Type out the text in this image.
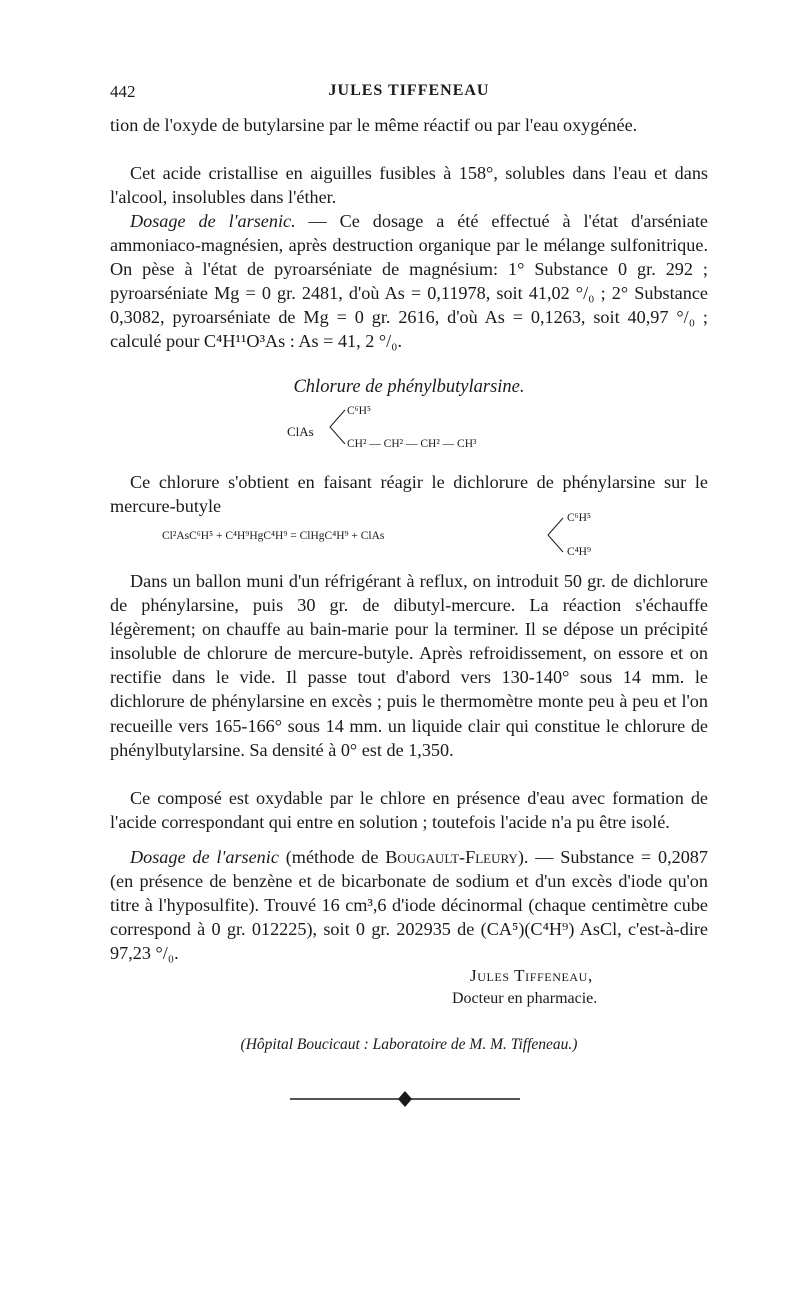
442	JULES TIFFENEAU
tion de l'oxyde de butylarsine par le même réactif ou par l'eau oxygénée.
Cet acide cristallise en aiguilles fusibles à 158°, solubles dans l'eau et dans l'alcool, insolubles dans l'éther.
Dosage de l'arsenic. — Ce dosage a été effectué à l'état d'arséniate ammoniaco-magnésien, après destruction organique par le mélange sulfonitrique. On pèse à l'état de pyroarséniate de magnésium: 1° Substance 0 gr. 292 ; pyroarséniate Mg = 0 gr. 2481, d'où As = 0,11978, soit 41,02 °/₀ ; 2° Substance 0,3082, pyroarséniate de Mg = 0 gr. 2616, d'où As = 0,1263, soit 40,97 °/₀ ; calculé pour C⁴H¹¹O³As : As = 41, 2 °/₀.
Chlorure de phénylbutylarsine.
ClAs
C⁶H⁵
CH² — CH² — CH² — CH³
Ce chlorure s'obtient en faisant réagir le dichlorure de phénylarsine sur le mercure-butyle
Cl²AsC⁶H⁵ + C⁴H⁹HgC⁴H⁹ = ClHgC⁴H⁹ + ClAs
C⁶H⁵
C⁴H⁹
Dans un ballon muni d'un réfrigérant à reflux, on introduit 50 gr. de dichlorure de phénylarsine, puis 30 gr. de dibutyl-mercure. La réaction s'échauffe légèrement; on chauffe au bain-marie pour la terminer. Il se dépose un précipité insoluble de chlorure de mercure-butyle. Après refroidissement, on essore et on rectifie dans le vide. Il passe tout d'abord vers 130-140° sous 14 mm. le dichlorure de phénylarsine en excès ; puis le thermomètre monte peu à peu et l'on recueille vers 165-166° sous 14 mm. un liquide clair qui constitue le chlorure de phénylbutylarsine. Sa densité à 0° est de 1,350.
Ce composé est oxydable par le chlore en présence d'eau avec formation de l'acide correspondant qui entre en solution ; toutefois l'acide n'a pu être isolé.
Dosage de l'arsenic (méthode de Bougault-Fleury). — Substance = 0,2087 (en présence de benzène et de bicarbonate de sodium et d'un excès d'iode qu'on titre à l'hyposulfite). Trouvé 16 cm³,6 d'iode décinormal (chaque centimètre cube correspond à 0 gr. 012225), soit 0 gr. 202935 de (CA⁵)(C⁴H⁹) AsCl, c'est-à-dire 97,23 °/₀.
Jules Tiffeneau,
Docteur en pharmacie.
(Hôpital Boucicaut : Laboratoire de M. M. Tiffeneau.)
